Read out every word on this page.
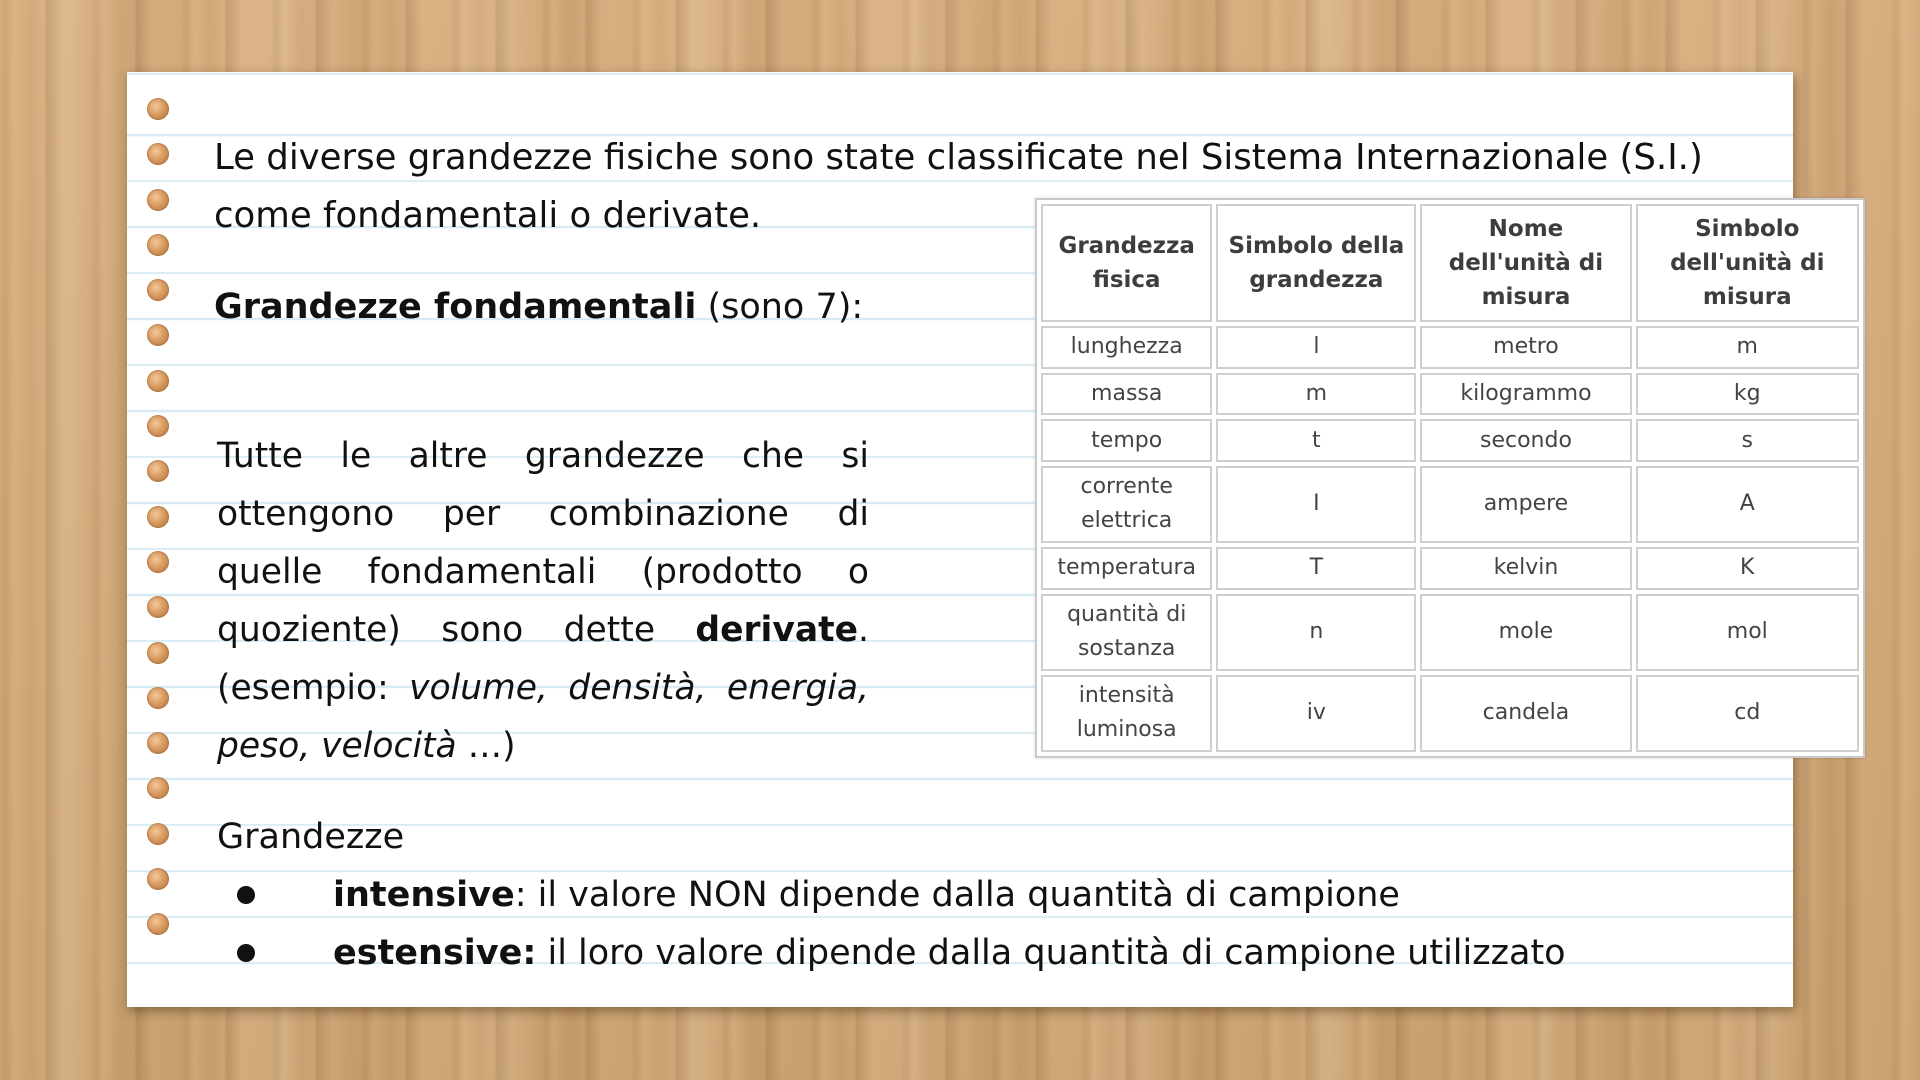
Le diverse grandezze fisiche sono state classificate nel Sistema Internazionale (S.I.)
come fondamentali o derivate.
Grandezze fondamentali (sono 7):
Tutte le altre grandezze che si ottengono per combinazione di quelle fondamentali (prodotto o quoziente) sono dette derivate. (esempio: volume, densità, energia, peso, velocità …)
Grandezze
intensive: il valore NON dipende dalla quantità di campione
estensive: il loro valore dipende dalla quantità di campione utilizzato
Grandezza fisica	Simbolo della grandezza	Nome dell'unità di misura	Simbolo dell'unità di misura
lunghezza	l	metro	m
massa	m	kilogrammo	kg
tempo	t	secondo	s
corrente elettrica	I	ampere	A
temperatura	T	kelvin	K
quantità di sostanza	n	mole	mol
intensità luminosa	iv	candela	cd
